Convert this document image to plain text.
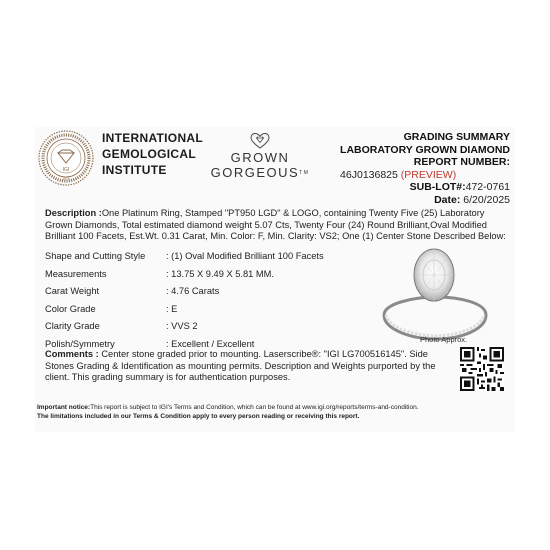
IGI
1975
INTERNATIONAL
GEMOLOGICAL
INSTITUTE
GROWN
GORGEOUS™
GRADING SUMMARY
LABORATORY GROWN DIAMOND
REPORT NUMBER:
46J0136825 (PREVIEW)
SUB-LOT#:472-0761
Date: 6/20/2025
Description :One Platinum Ring, Stamped "PT950 LGD" & LOGO, containing Twenty Five (25) Laboratory Grown Diamonds, Total estimated diamond weight 5.07 Cts, Twenty Four (24) Round Brilliant,Oval Modified Brilliant 100 Facets, Est.Wt. 0.31 Carat, Min. Color: F, Min. Clarity: VS2; One (1) Center Stone Described Below:
Shape and Cutting Style : (1) Oval Modified Brilliant 100 Facets
Measurements	: 13.75 X 9.49 X 5.81 MM.
Carat Weight	: 4.76 Carats
Color Grade	: E
Clarity Grade	: VVS 2
Polish/Symmetry	: Excellent / Excellent	Photo Approx.
Comments : Center stone graded prior to mounting. Laserscribe®: "IGI LG700516145". Side Stones Grading & Identification as mounting permits. Description and Weights purported by the client. This grading summary is for authentication purposes.
Important notice:This report is subject to IGI's Terms and Condition, which can be found at www.igi.org/reports/terms-and-condition.
The limitations included in our Terms & Condition apply to every person reading or receiving this report.
